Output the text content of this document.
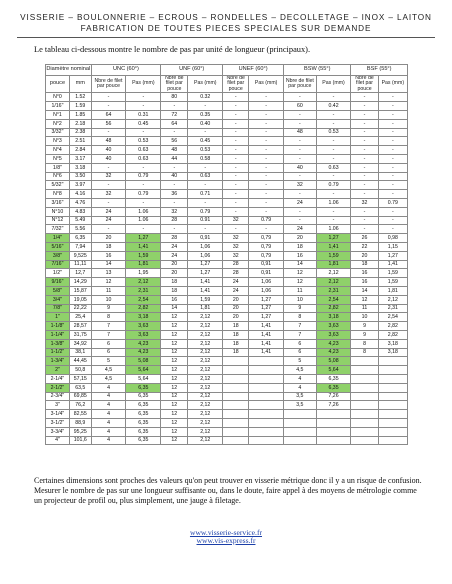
VISSERIE – BOULONNERIE – ECROUS – RONDELLES – DECOLLETAGE – INOX – LAITON
FABRICATION DE TOUTES PIECES SPECIALES SUR DEMANDE
Le tableau ci-dessous montre le nombre de pas par unité de longueur (principaux).
Diamètre nominal		UNC (60°)		UNF (60°)		UNEF (60°)		BSW (55°)		BSF (55°)	
		Nbre de filet par pouce	Pas (mm)	Nbre de filet par pouce	Pas (mm)	Nbre de filet par pouce	Pas (mm)	Nbre de filet par pouce	Pas (mm)	Nbre de filet par pouce	Pas (mm)
pouce	mm										
N°0	1.52	-	-	80	0.32	-	-	-	-	-	-
1/16"	1.59	-	-	-	-	-	-	60	0.42	-	-
N°1	1.85	64	0.31	72	0.35	-	-	-	-	-	-
N°2	2.18	56	0.45	64	0.40	-	-	-	-	-	-
3/32"	2.38	-	-	-	-	-	-	48	0.53	-	-
N°3	2.51	48	0.53	56	0.45	-	-	-	-	-	-
N°4	2.84	40	0.63	48	0.53	-	-	-	-	-	-
N°5	3.17	40	0.63	44	0.58	-	-	-	-	-	-
1/8"	3.18	-	-	-	-	-	-	40	0.63	-	-
N°6	3.50	32	0.79	40	0.63	-	-	-	-	-	-
5/32"	3.97	-	-	-	-	-	-	32	0.79	-	-
N°8	4.16	32	0.79	36	0.71	-	-	-	-	-	-
3/16"	4.76	-	-	-	-	-	-	24	1.06	32	0.79
N°10	4.83	24	1.06	32	0.79	-	-	-	-	-	-
N°12	5.49	24	1.06	28	0.91	32	0.79	-	-	-	-
7/32"	5.56	-	-	-	-	-	-	24	1.06	-	-
1/4"	6,35	20	1,27	28	0,91	32	0,79	20	1,27	26	0,98
5/16"	7,94	18	1,41	24	1,06	32	0,79	18	1,41	22	1,15
3/8"	9,525	16	1,59	24	1,06	32	0,79	16	1,59	20	1,27
7/16"	11,11	14	1,81	20	1,27	28	0,91	14	1,81	18	1,41
1/2"	12,7	13	1,95	20	1,27	28	0,91	12	2,12	16	1,59
9/16"	14,29	12	2,12	18	1,41	24	1,06	12	2,12	16	1,59
5/8"	15,87	11	2,31	18	1,41	24	1,06	11	2,31	14	1,81
3/4"	19,05	10	2,54	16	1,59	20	1,27	10	2,54	12	2,12
7/8"	22,22	9	2,82	14	1,81	20	1,27	9	2,82	11	2,31
1"	25,4	8	3,18	12	2,12	20	1,27	8	3,18	10	2,54
1-1/8"	28,57	7	3,63	12	2,12	18	1,41	7	3,63	9	2,82
1-1/4"	31,75	7	3,63	12	2,12	18	1,41	7	3,63	9	2,82
1-3/8"	34,92	6	4,23	12	2,12	18	1,41	6	4,23	8	3,18
1-1/2"	38,1	6	4,23	12	2,12	18	1,41	6	4,23	8	3,18
1-3/4"	44,45	5	5,08	12	2,12			5	5,08		
2"	50,8	4,5	5,64	12	2,12			4,5	5,64		
2-1/4"	57,15	4,5	5,64	12	2,12			4	6,35		
2-1/2"	63,5	4	6,35	12	2,12			4	6,35		
2-3/4"	69,85	4	6,35	12	2,12			3,5	7,26		
3"	76,2	4	6,35	12	2,12			3,5	7,26		
3-1/4"	82,55	4	6,35	12	2,12						
3-1/2"	88,9	4	6,35	12	2,12						
3-3/4"	95,25	4	6,35	12	2,12						
4"	101,6	4	6,35	12	2,12						
Certaines dimensions sont proches des valeurs qu'on peut trouver en visserie métrique donc il y a un risque de confusion. Mesurer le nombre de pas sur une longueur suffisante ou, dans le doute, faire appel à des moyens de métrologie comme un projecteur de profil ou, plus simplement, une jauge à filetage.
www.visserie-service.fr
www.vis-express.fr
